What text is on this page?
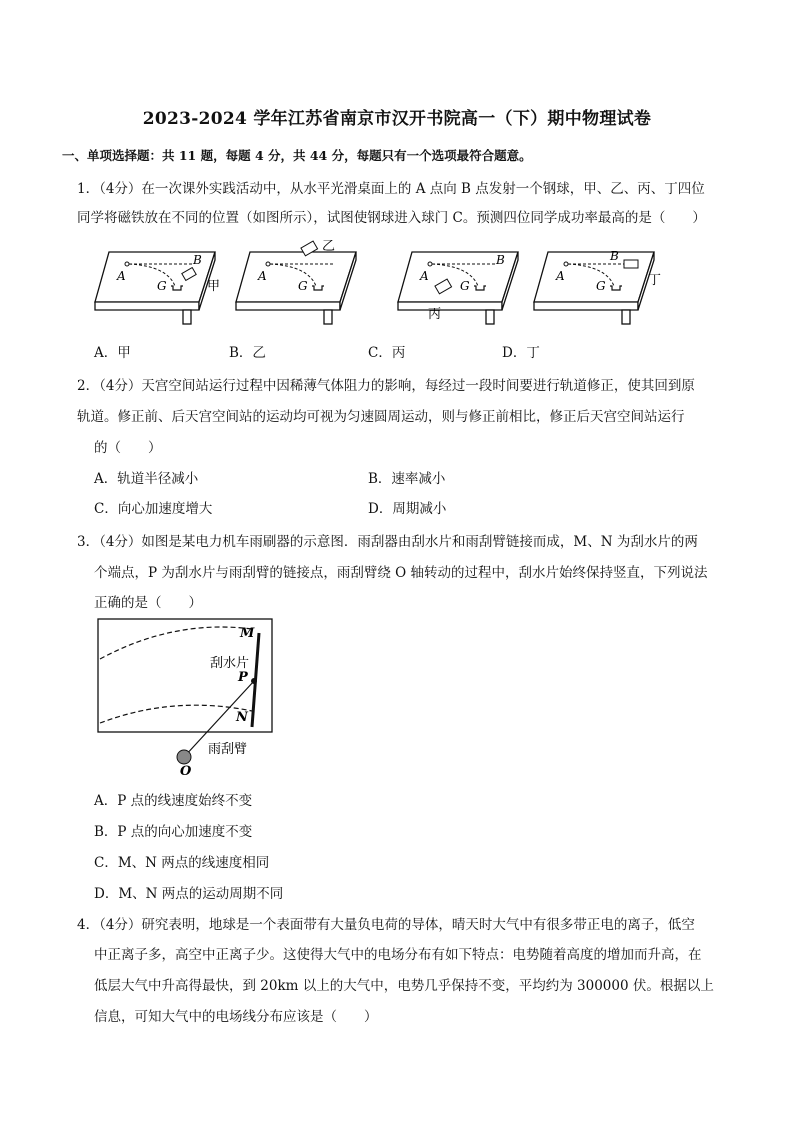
2023-2024 学年江苏省南京市汉开书院高一（下）期中物理试卷
一、单项选择题：共 11 题，每题 4 分，共 44 分，每题只有一个选项最符合题意。
1．（4分）在一次课外实践活动中，从水平光滑桌面上的 A 点向 B 点发射一个钢球，甲、乙、丙、丁四位
同学将磁铁放在不同的位置（如图所示），试图使钢球进入球门 C。预测四位同学成功率最高的是（　　）
A
B
G	甲
A
G
乙
A
B
G
丙
A
B
G	丁
A．甲	B．乙	C．丙	D．丁
2．（4分）天宫空间站运行过程中因稀薄气体阻力的影响，每经过一段时间要进行轨道修正，使其回到原
轨道。修正前、后天宫空间站的运动均可视为匀速圆周运动，则与修正前相比，修正后天宫空间站运行
的（　　）
A．轨道半径减小	B．速率减小
C．向心加速度增大	D．周期减小
3．（4分）如图是某电力机车雨刷器的示意图．雨刮器由刮水片和雨刮臂链接而成，M、N 为刮水片的两
个端点，P 为刮水片与雨刮臂的链接点，雨刮臂绕 O 轴转动的过程中，刮水片始终保持竖直，下列说法
正确的是（　　）
M
P
N
O
刮水片
雨刮臂
A．P 点的线速度始终不变
B．P 点的向心加速度不变
C．M、N 两点的线速度相同
D．M、N 两点的运动周期不同
4．（4分）研究表明，地球是一个表面带有大量负电荷的导体，晴天时大气中有很多带正电的离子，低空
中正离子多，高空中正离子少。这使得大气中的电场分布有如下特点：电势随着高度的增加而升高，在
低层大气中升高得最快，到 20km 以上的大气中，电势几乎保持不变，平均约为 300000 伏。根据以上
信息，可知大气中的电场线分布应该是（　　）
